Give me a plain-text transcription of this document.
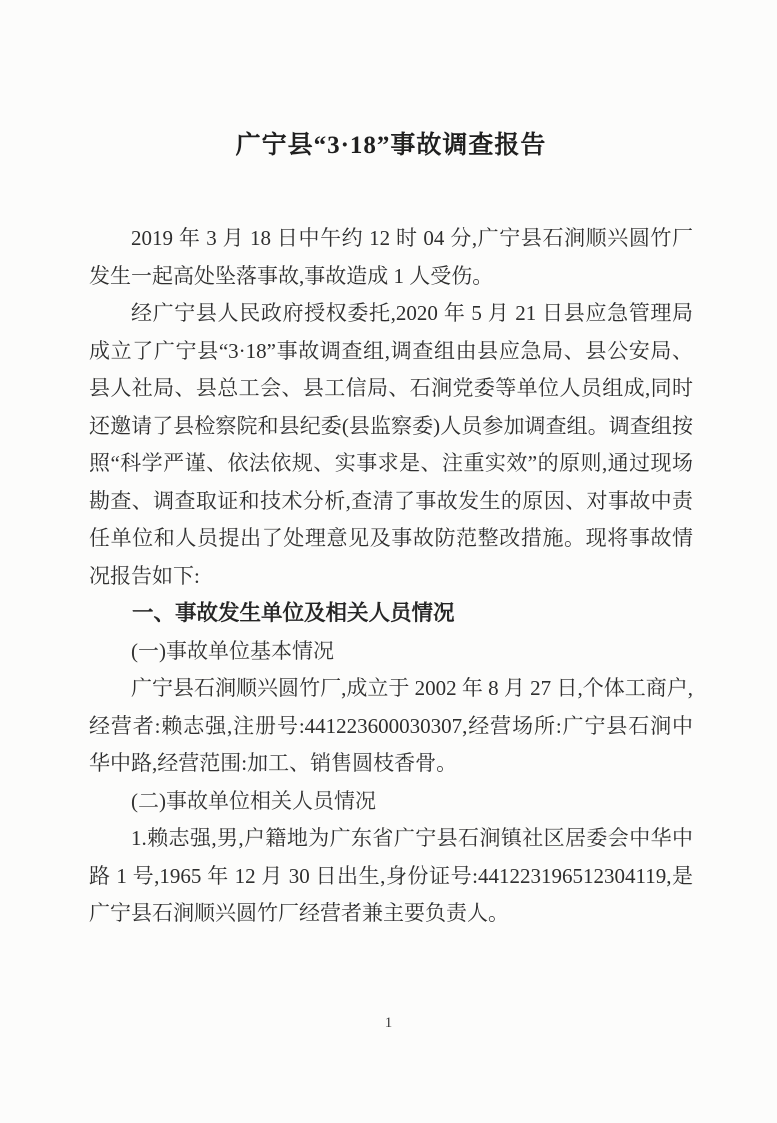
广宁县“3·18”事故调查报告

2019 年 3 月 18 日中午约 12 时 04 分,广宁县石涧顺兴圆竹厂发生一起高处坠落事故,事故造成 1 人受伤。

经广宁县人民政府授权委托,2020 年 5 月 21 日县应急管理局成立了广宁县“3·18”事故调查组,调查组由县应急局、县公安局、县人社局、县总工会、县工信局、石涧党委等单位人员组成,同时还邀请了县检察院和县纪委(县监察委)人员参加调查组。调查组按照“科学严谨、依法依规、实事求是、注重实效”的原则,通过现场勘查、调查取证和技术分析,查清了事故发生的原因、对事故中责任单位和人员提出了处理意见及事故防范整改措施。现将事故情况报告如下:

一、事故发生单位及相关人员情况

(一)事故单位基本情况

广宁县石涧顺兴圆竹厂,成立于 2002 年 8 月 27 日,个体工商户,经营者:赖志强,注册号:441223600030307,经营场所:广宁县石涧中华中路,经营范围:加工、销售圆枝香骨。

(二)事故单位相关人员情况

1.赖志强,男,户籍地为广东省广宁县石涧镇社区居委会中华中路 1 号,1965 年 12 月 30 日出生,身份证号:441223196512304119,是广宁县石涧顺兴圆竹厂经营者兼主要负责人。

1
